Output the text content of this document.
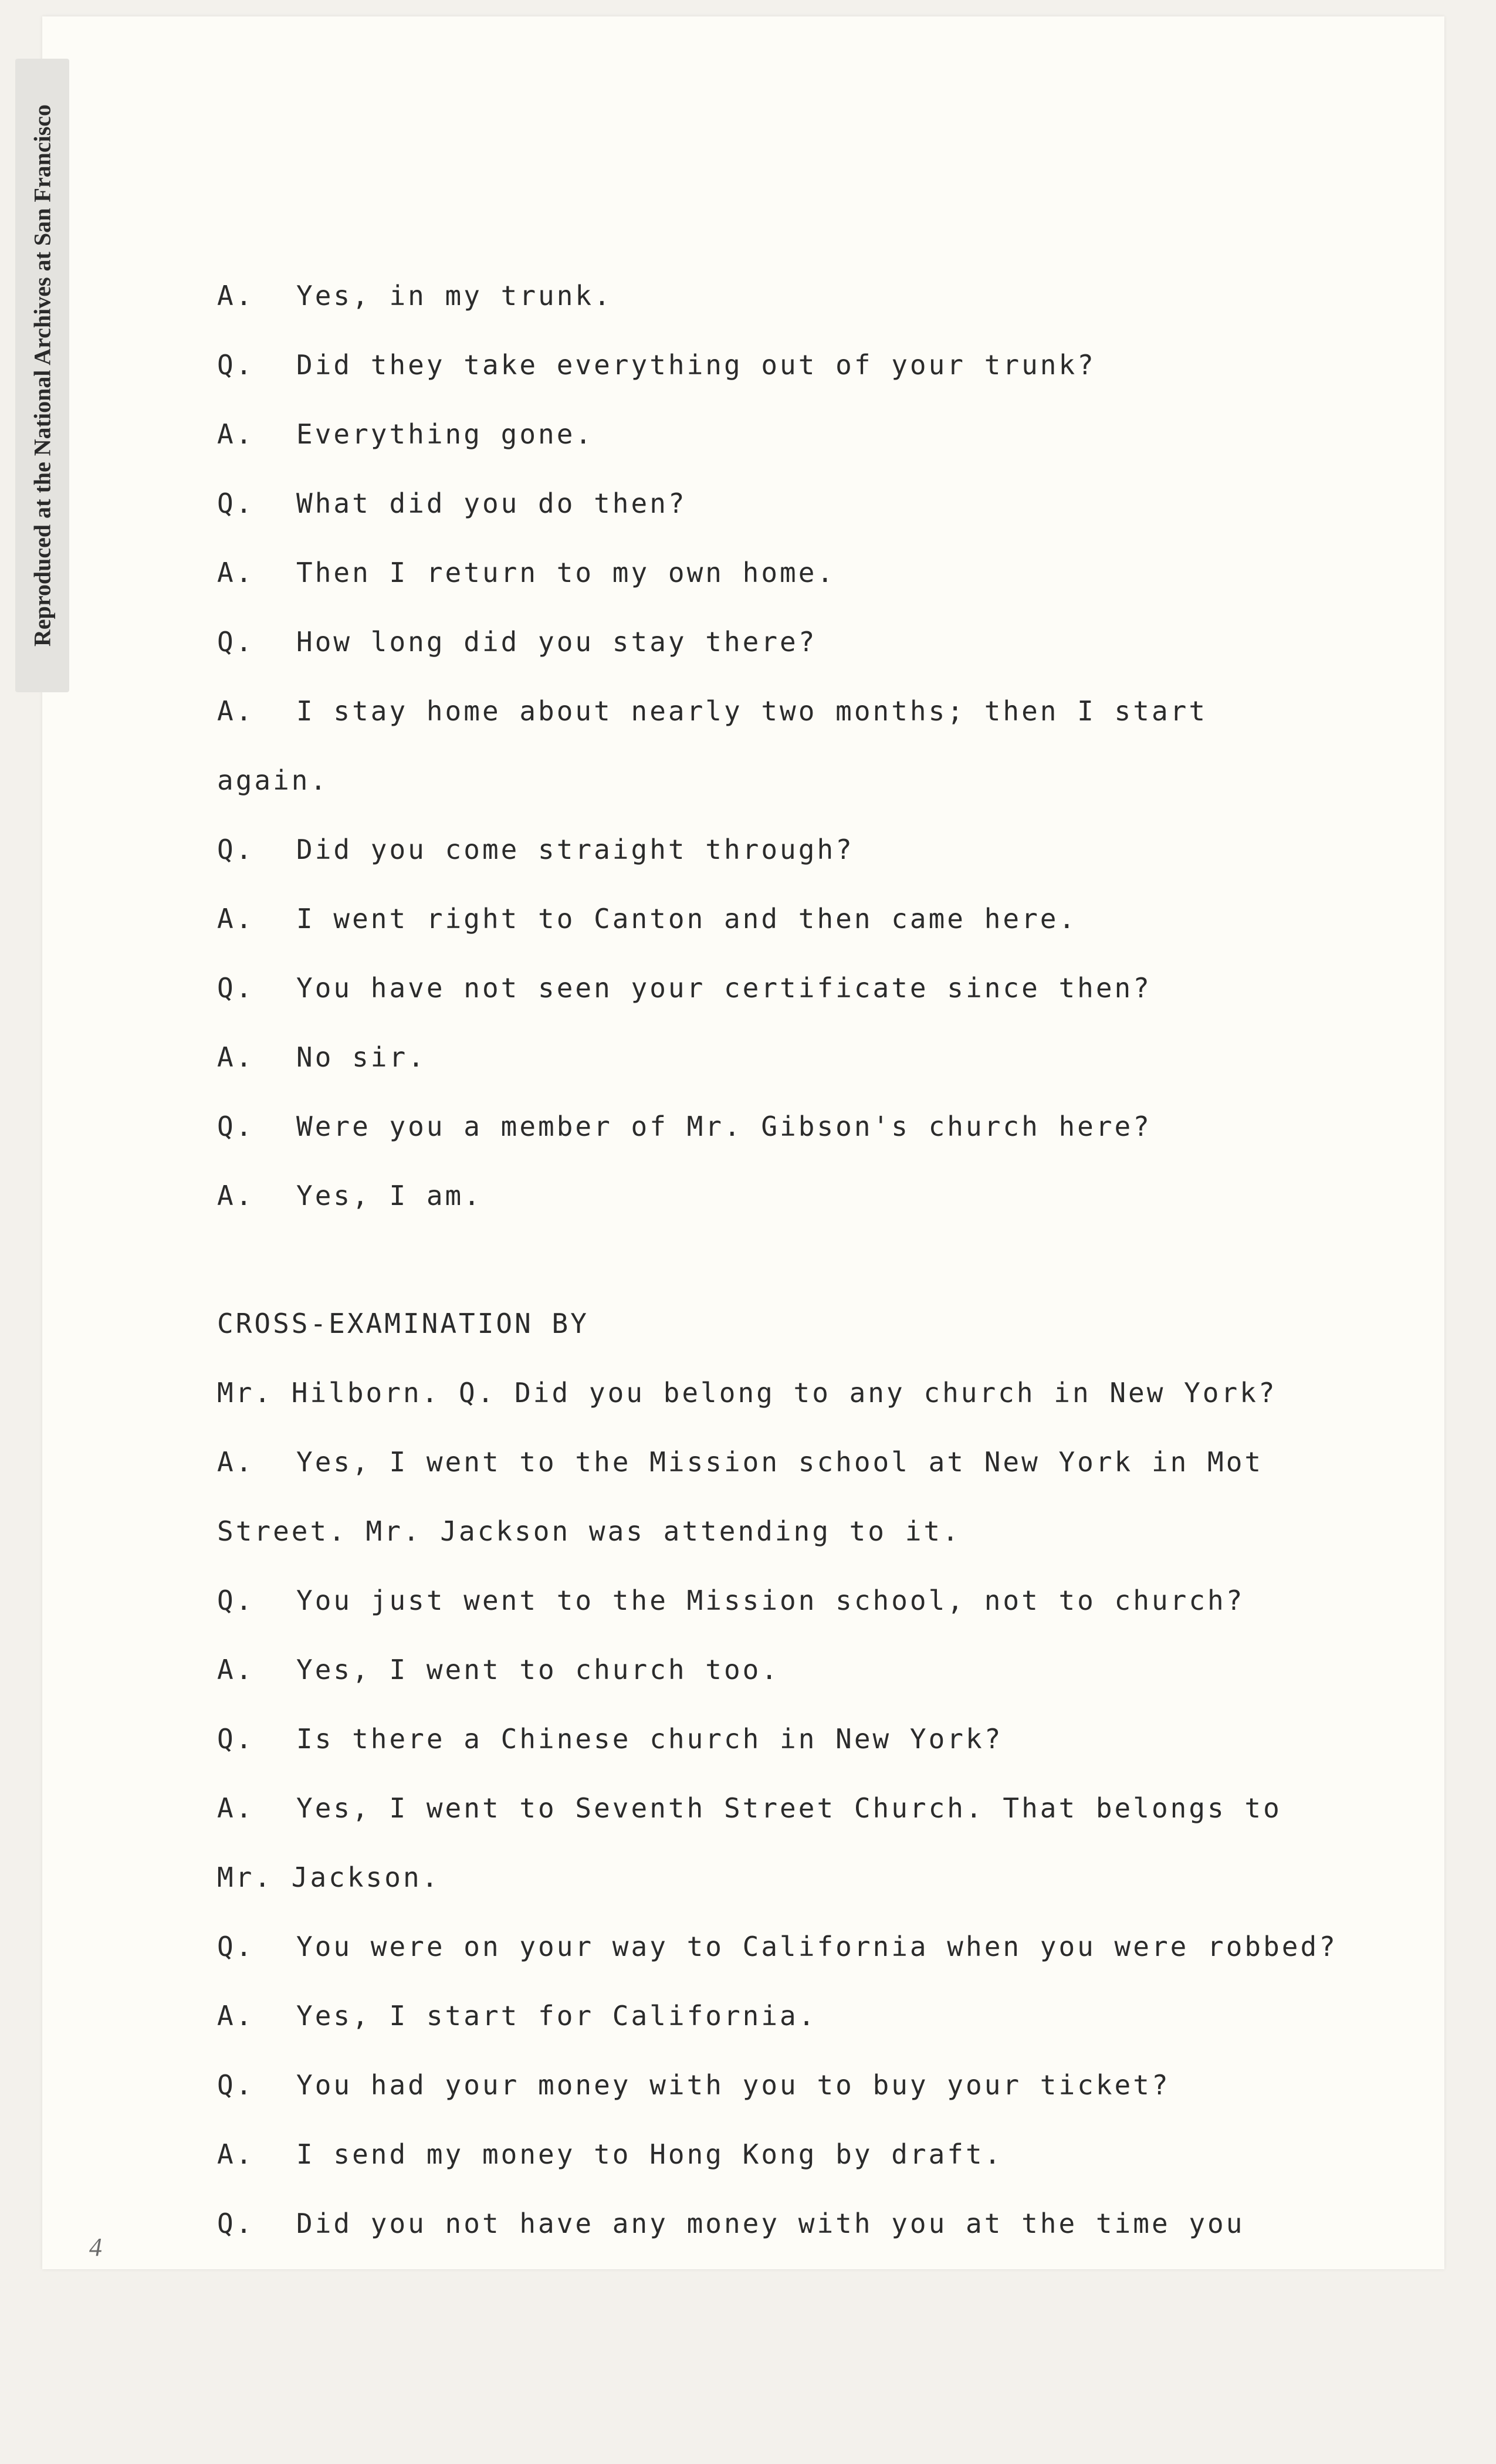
Reproduced at the National Archives at San Francisco	A.	Yes, in my trunk.
Q.	Did they take everything out of your trunk?
A.	Everything gone.
Q.	What did you do then?
A.	Then I return to my own home.
Q.	How long did you stay there?
A.	I stay home about nearly two months; then I start
again.
Q.	Did you come straight through?
A.	I went right to Canton and then came here.
Q.	You have not seen your certificate since then?
A.	No sir.
Q.	Were you a member of Mr. Gibson's church here?
A.	Yes, I am.
CROSS-EXAMINATION BY
Mr. Hilborn. Q. Did you belong to any church in New York?
A.	Yes, I went to the Mission school at New York in Mot
Street. Mr. Jackson was attending to it.
Q.	You just went to the Mission school, not to church?
A.	Yes, I went to church too.
Q.	Is there a Chinese church in New York?
A.	Yes, I went to Seventh Street Church. That belongs to
Mr. Jackson.
Q.	You were on your way to California when you were robbed?
A.	Yes, I start for California.
Q.	You had your money with you to buy your ticket?
A.	I send my money to Hong Kong by draft.
Q.	Did you not have any money with you at the time you
4
